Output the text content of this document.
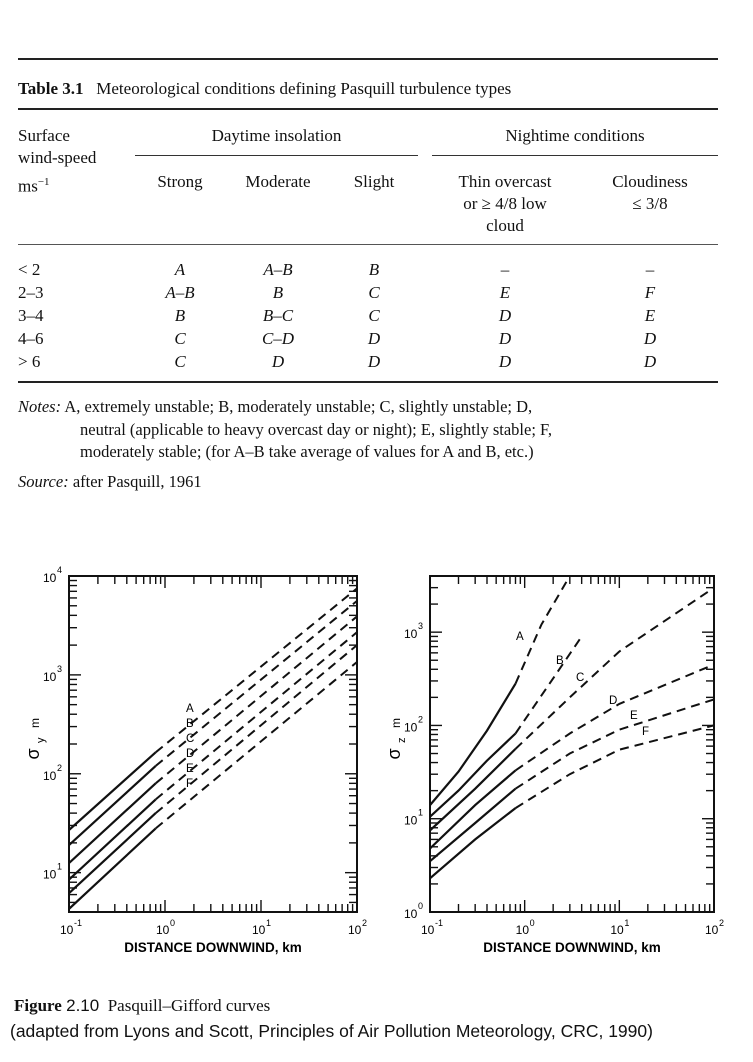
Table 3.1 Meteorological conditions defining Pasquill turbulence types
Surface
wind-speed
$ms^{-1}$
Daytime insolation	Nightime conditions
Strong	Moderate	Slight	Thin overcast
or ≥ 4/8 low
cloud
Cloudiness
≤ 3/8
< 2	A	A–B	B	–	–
2–3	A–B	B	C	E	F
3–4	B	B–C	C	D	E
4–6	C	C–D	D	D	D
> 6	C	D	D	D	D
Notes: A, extremely unstable; B, moderately unstable; C, slightly unstable; D,
neutral (applicable to heavy overcast day or night); E, slightly stable; F,
moderately stable; (for A–B take average of values for A and B, etc.)
Source: after Pasquill, 1961
10 -1	10 0	10 1	10 2
10
1
10
2
10
3
10
4
DISTANCE DOWNWIND, km
σ
y
m
A
B
C
D
E
F
10 -1	10 0	10 1	10 2
10
0
10
1
10
2
10
3
DISTANCE DOWNWIND, km
σ
z
m
A
B
C
D
E
F
Figure 2.10 Pasquill–Gifford curves
(adapted from Lyons and Scott, Principles of Air Pollution Meteorology, CRC, 1990)
